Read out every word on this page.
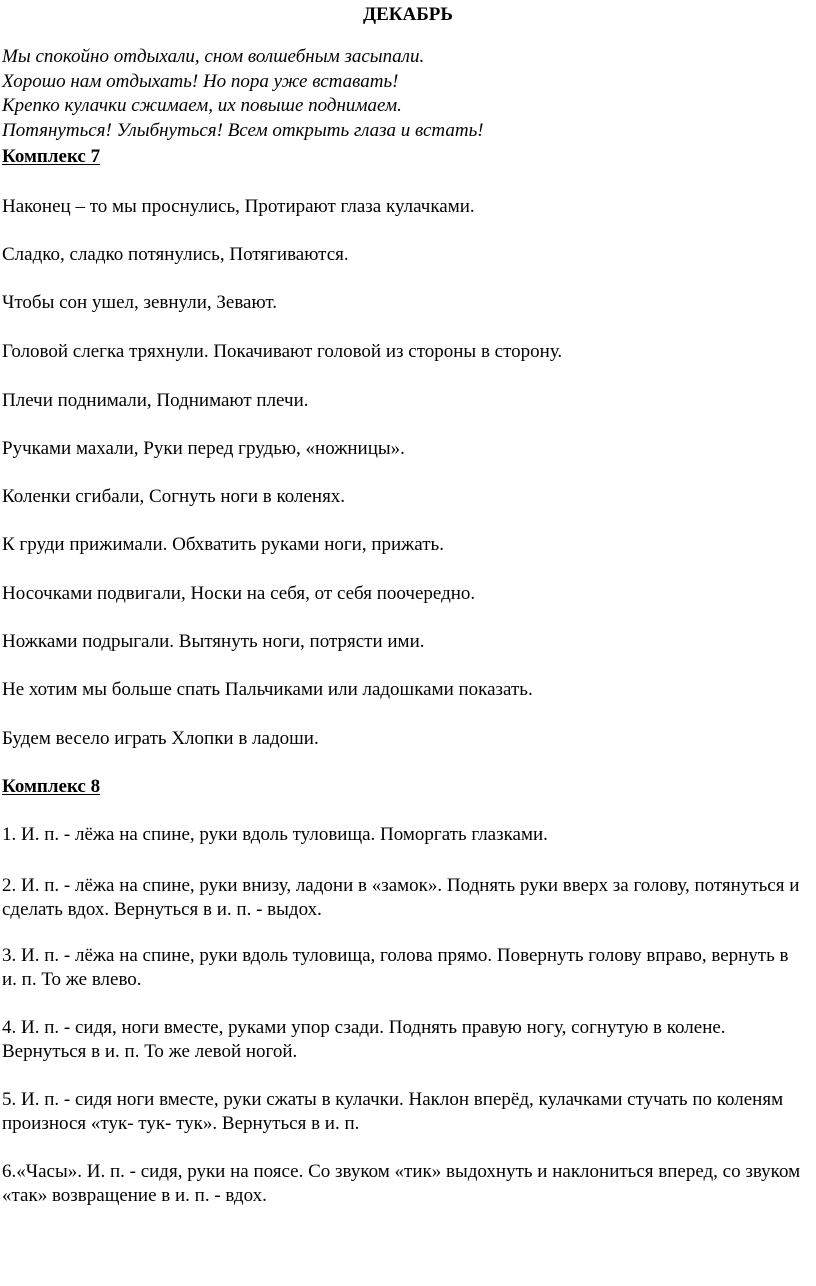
ДЕКАБРЬ
Мы спокойно отдыхали, сном волшебным засыпали.
Хорошо нам отдыхать! Но пора уже вставать!
Крепко кулачки сжимаем, их повыше поднимаем.
Потянуться! Улыбнуться! Всем открыть глаза и встать!
Комплекс 7
Наконец – то мы проснулись, Протирают глаза кулачками.
Сладко, сладко потянулись, Потягиваются.
Чтобы сон ушел, зевнули, Зевают.
Головой слегка тряхнули. Покачивают головой из стороны в сторону.
Плечи поднимали, Поднимают плечи.
Ручками махали, Руки перед грудью, «ножницы».
Коленки сгибали, Согнуть ноги в коленях.
К груди прижимали. Обхватить руками ноги, прижать.
Носочками подвигали, Носки на себя, от себя поочередно.
Ножками подрыгали. Вытянуть ноги, потрясти ими.
Не хотим мы больше спать Пальчиками или ладошками показать.
Будем весело играть Хлопки в ладоши.
Комплекс 8
1. И. п. - лёжа на спине, руки вдоль туловища. Поморгать глазками.
2. И. п. - лёжа на спине, руки внизу, ладони в «замок». Поднять руки вверх за голову, потянуться и сделать вдох. Вернуться в и. п. - выдох.
3. И. п. - лёжа на спине, руки вдоль туловища, голова прямо. Повернуть голову вправо, вернуть в и. п. То же влево.
4. И. п. - сидя, ноги вместе, руками упор сзади. Поднять правую ногу, согнутую в колене. Вернуться в и. п. То же левой ногой.
5. И. п. - сидя ноги вместе, руки сжаты в кулачки. Наклон вперёд, кулачками стучать по коленям произнося «тук- тук- тук». Вернуться в и. п.
6.«Часы». И. п. - сидя, руки на поясе. Со звуком «тик» выдохнуть и наклониться вперед, со звуком «так» возвращение в и. п. - вдох.
